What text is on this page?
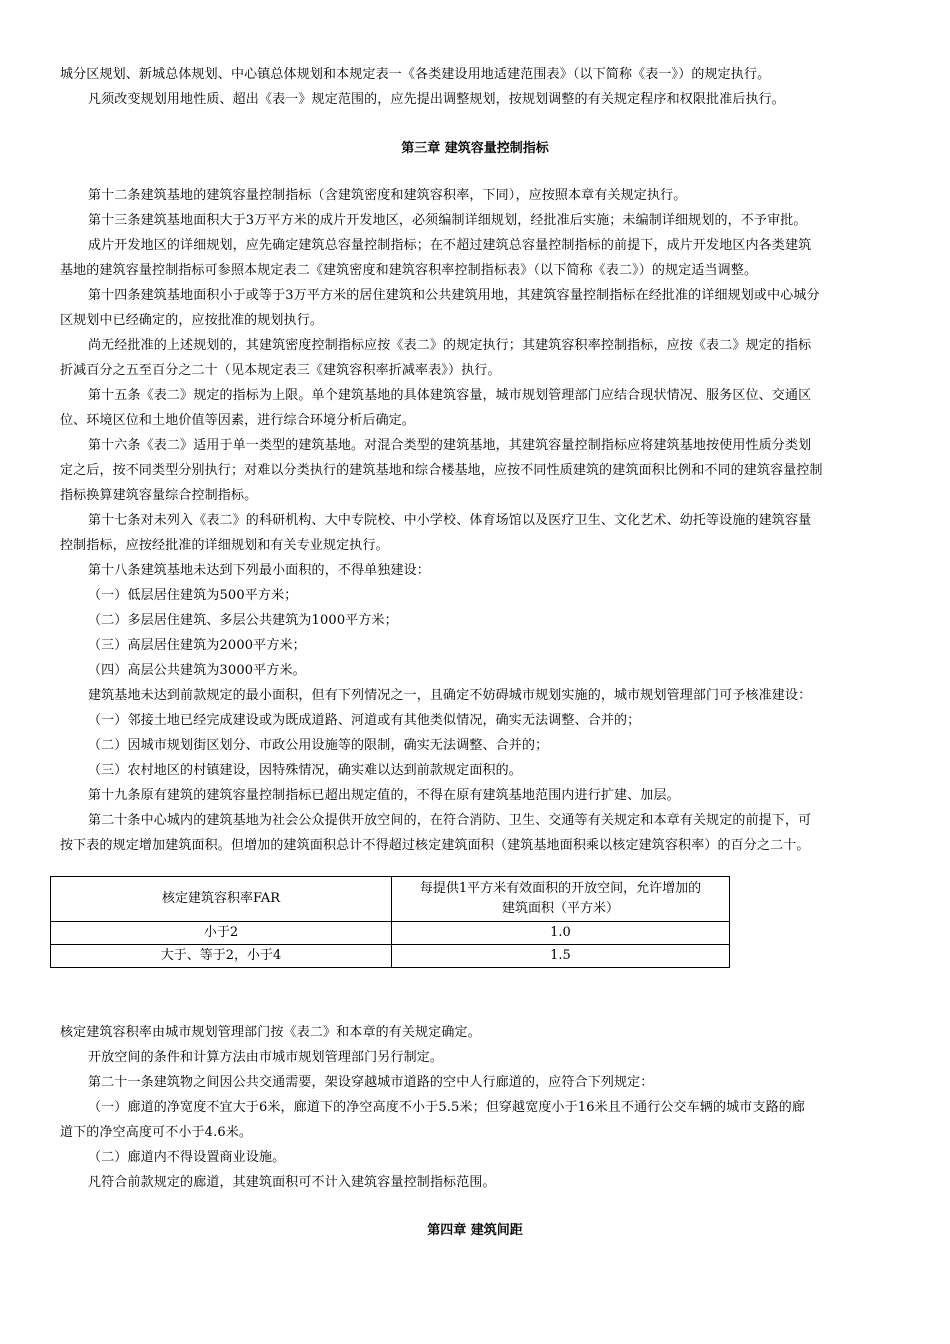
城分区规划、新城总体规划、中心镇总体规划和本规定表一《各类建设用地适建范围表》（以下简称《表一》）的规定执行。
凡须改变规划用地性质、超出《表一》规定范围的，应先提出调整规划，按规划调整的有关规定程序和权限批准后执行。
第三章 建筑容量控制指标
第十二条建筑基地的建筑容量控制指标（含建筑密度和建筑容积率，下同），应按照本章有关规定执行。
第十三条建筑基地面积大于3万平方米的成片开发地区，必须编制详细规划，经批准后实施；未编制详细规划的，不予审批。
成片开发地区的详细规划，应先确定建筑总容量控制指标；在不超过建筑总容量控制指标的前提下，成片开发地区内各类建筑
基地的建筑容量控制指标可参照本规定表二《建筑密度和建筑容积率控制指标表》（以下简称《表二》）的规定适当调整。
第十四条建筑基地面积小于或等于3万平方米的居住建筑和公共建筑用地，其建筑容量控制指标在经批准的详细规划或中心城分
区规划中已经确定的，应按批准的规划执行。
尚无经批准的上述规划的，其建筑密度控制指标应按《表二》的规定执行；其建筑容积率控制指标，应按《表二》规定的指标
折减百分之五至百分之二十（见本规定表三《建筑容积率折减率表》）执行。
第十五条《表二》规定的指标为上限。单个建筑基地的具体建筑容量，城市规划管理部门应结合现状情况、服务区位、交通区
位、环境区位和土地价值等因素，进行综合环境分析后确定。
第十六条《表二》适用于单一类型的建筑基地。对混合类型的建筑基地，其建筑容量控制指标应将建筑基地按使用性质分类划
定之后，按不同类型分别执行；对难以分类执行的建筑基地和综合楼基地，应按不同性质建筑的建筑面积比例和不同的建筑容量控制
指标换算建筑容量综合控制指标。
第十七条对未列入《表二》的科研机构、大中专院校、中小学校、体育场馆以及医疗卫生、文化艺术、幼托等设施的建筑容量
控制指标，应按经批准的详细规划和有关专业规定执行。
第十八条建筑基地未达到下列最小面积的，不得单独建设：
（一）低层居住建筑为500平方米；
（二）多层居住建筑、多层公共建筑为1000平方米；
（三）高层居住建筑为2000平方米；
（四）高层公共建筑为3000平方米。
建筑基地未达到前款规定的最小面积，但有下列情况之一，且确定不妨碍城市规划实施的，城市规划管理部门可予核准建设：
（一）邻接土地已经完成建设或为既成道路、河道或有其他类似情况，确实无法调整、合并的；
（二）因城市规划街区划分、市政公用设施等的限制，确实无法调整、合并的；
（三）农村地区的村镇建设，因特殊情况，确实难以达到前款规定面积的。
第十九条原有建筑的建筑容量控制指标已超出规定值的，不得在原有建筑基地范围内进行扩建、加层。
第二十条中心城内的建筑基地为社会公众提供开放空间的，在符合消防、卫生、交通等有关规定和本章有关规定的前提下，可
按下表的规定增加建筑面积。但增加的建筑面积总计不得超过核定建筑面积（建筑基地面积乘以核定建筑容积率）的百分之二十。
核定建筑容积率FAR	每提供1平方米有效面积的开放空间，允许增加的
建筑面积（平方米）

小于2	1.0
大于、等于2，小于4	1.5
核定建筑容积率由城市规划管理部门按《表二》和本章的有关规定确定。
开放空间的条件和计算方法由市城市规划管理部门另行制定。
第二十一条建筑物之间因公共交通需要，架设穿越城市道路的空中人行廊道的，应符合下列规定：
（一）廊道的净宽度不宜大于6米，廊道下的净空高度不小于5.5米；但穿越宽度小于16米且不通行公交车辆的城市支路的廊
道下的净空高度可不小于4.6米。
（二）廊道内不得设置商业设施。
凡符合前款规定的廊道，其建筑面积可不计入建筑容量控制指标范围。
第四章 建筑间距
